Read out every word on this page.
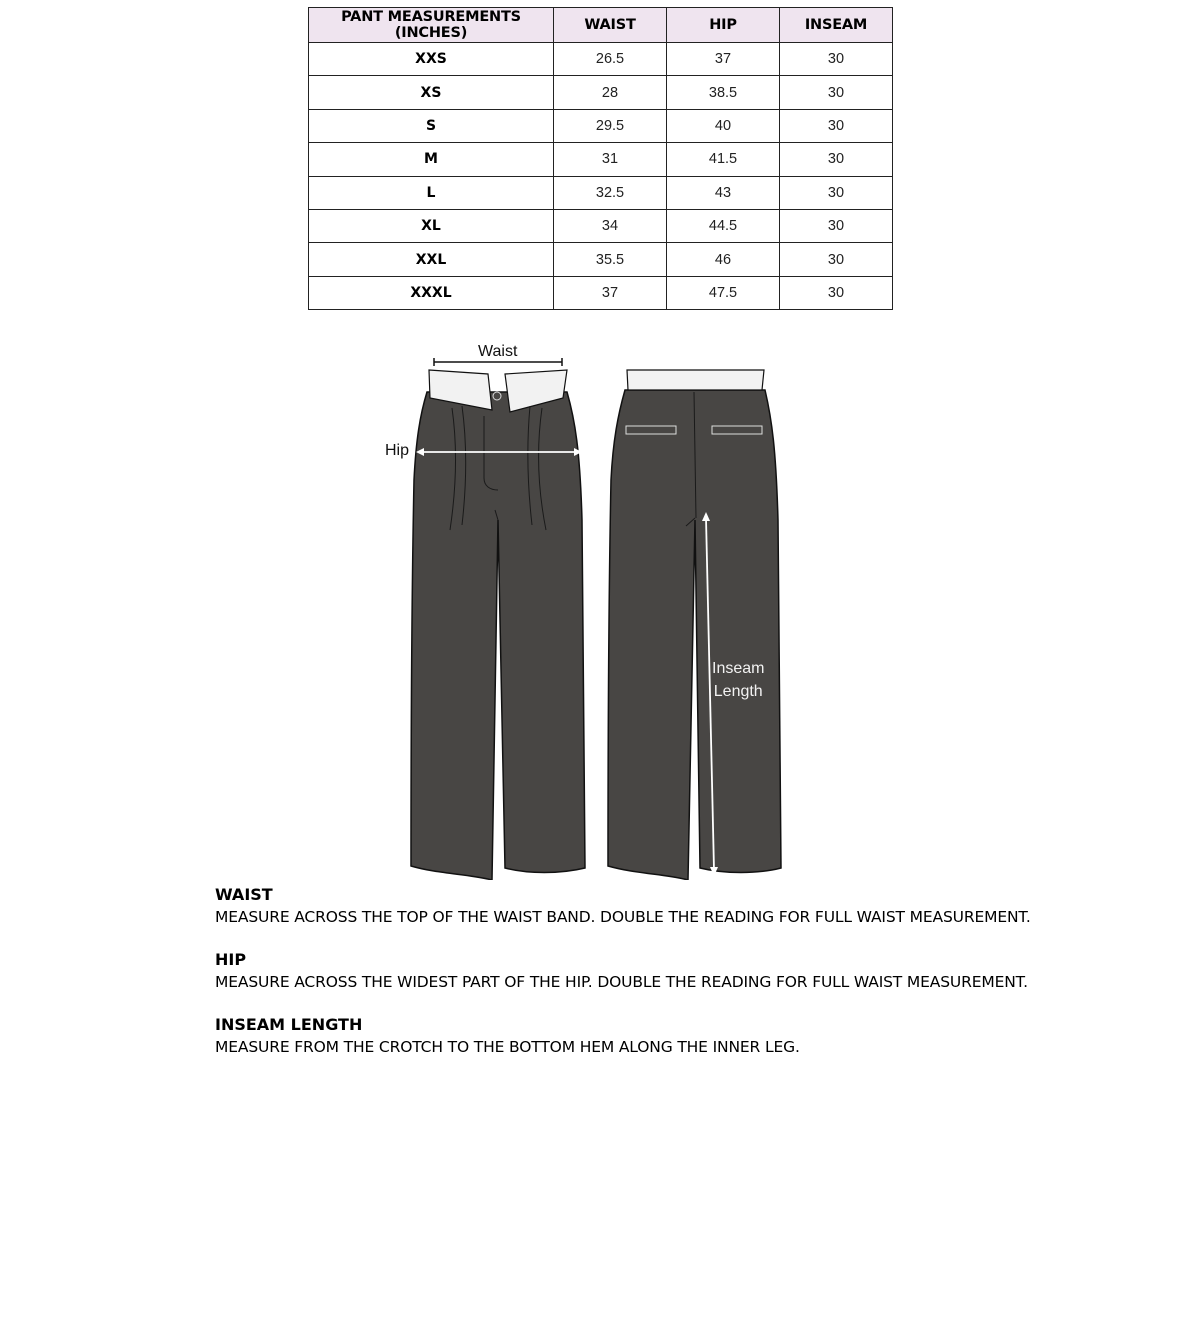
PANT MEASUREMENTS (INCHES)	WAIST	HIP	INSEAM
XXS	26.5	37	30
XS	28	38.5	30
S	29.5	40	30
M	31	41.5	30
L	32.5	43	30
XL	34	44.5	30
XXL	35.5	46	30
XXXL	37	47.5	30
Waist
Hip
Inseam
Length
WAIST
MEASURE ACROSS THE TOP OF THE WAIST BAND. DOUBLE THE READING FOR FULL WAIST MEASUREMENT.
HIP
MEASURE ACROSS THE WIDEST PART OF THE HIP. DOUBLE THE READING FOR FULL WAIST MEASUREMENT.
INSEAM LENGTH
MEASURE FROM THE CROTCH TO THE BOTTOM HEM ALONG THE INNER LEG.
